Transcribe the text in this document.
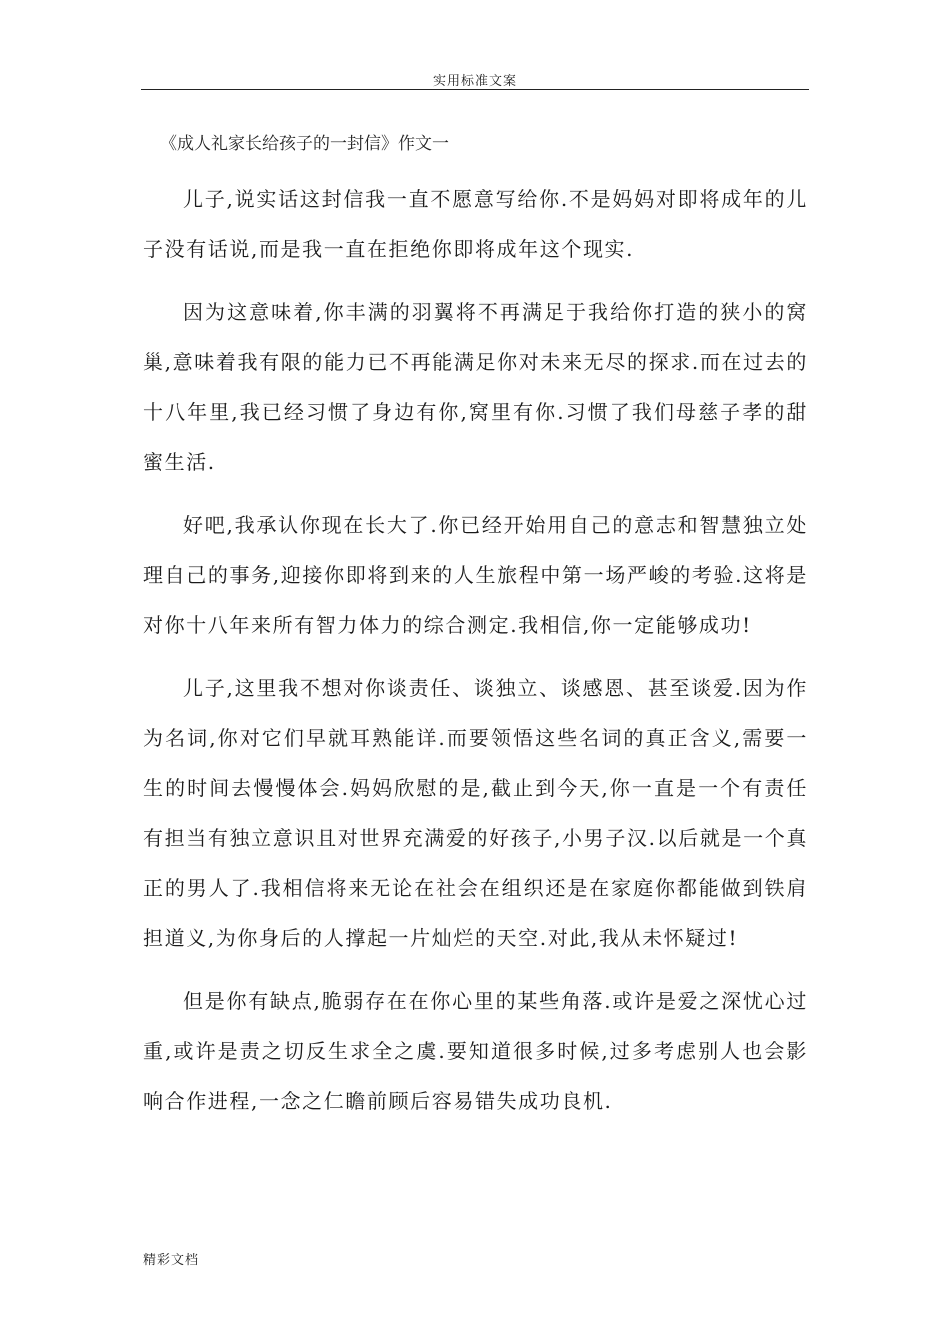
实用标准文案
《成人礼家长给孩子的一封信》作文一

儿子,说实话这封信我一直不愿意写给你.不是妈妈对即将成年的儿子没有话说,而是我一直在拒绝你即将成年这个现实.

因为这意味着,你丰满的羽翼将不再满足于我给你打造的狭小的窝巢,意味着我有限的能力已不再能满足你对未来无尽的探求.而在过去的十八年里,我已经习惯了身边有你,窝里有你.习惯了我们母慈子孝的甜蜜生活.

好吧,我承认你现在长大了.你已经开始用自己的意志和智慧独立处理自己的事务,迎接你即将到来的人生旅程中第一场严峻的考验.这将是对你十八年来所有智力体力的综合测定.我相信,你一定能够成功!

儿子,这里我不想对你谈责任、谈独立、谈感恩、甚至谈爱.因为作为名词,你对它们早就耳熟能详.而要领悟这些名词的真正含义,需要一生的时间去慢慢体会.妈妈欣慰的是,截止到今天,你一直是一个有责任有担当有独立意识且对世界充满爱的好孩子,小男子汉.以后就是一个真正的男人了.我相信将来无论在社会在组织还是在家庭你都能做到铁肩担道义,为你身后的人撑起一片灿烂的天空.对此,我从未怀疑过!

但是你有缺点,脆弱存在在你心里的某些角落.或许是爱之深忧心过重,或许是责之切反生求全之虞.要知道很多时候,过多考虑别人也会影响合作进程,一念之仁瞻前顾后容易错失成功良机.

精彩文档
